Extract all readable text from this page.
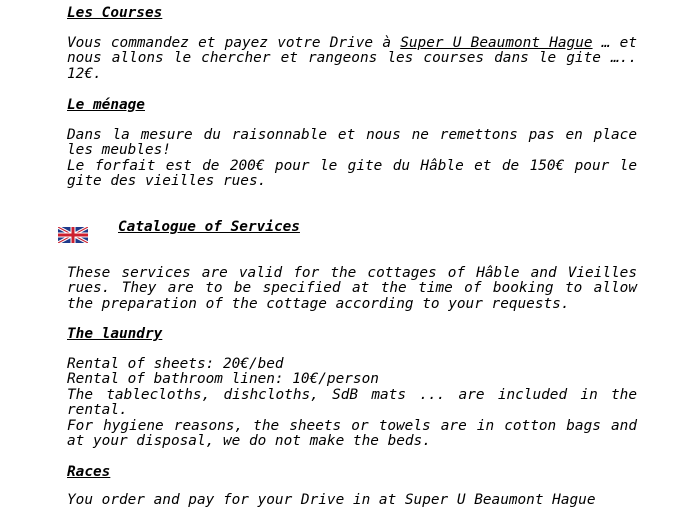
Les Courses

Vous commandez et payez votre Drive à Super U Beaumont Hague … et nous allons le chercher et rangeons les courses dans le gite ….. 12€.

Le ménage

Dans la mesure du raisonnable et nous ne remettons pas en place les meubles!

Le forfait est de 200€ pour le gite du Hâble et de 150€ pour le gite des vieilles rues.

Catalogue of Services

These services are valid for the cottages of Hâble and Vieilles rues. They are to be specified at the time of booking to allow the preparation of the cottage according to your requests.

The laundry

Rental of sheets: 20€/bed

Rental of bathroom linen: 10€/person

The tablecloths, dishcloths, SdB mats ... are included in the rental.

For hygiene reasons, the sheets or towels are in cotton bags and at your disposal, we do not make the beds.

Races

You order and pay for your Drive in at Super U Beaumont Hague
